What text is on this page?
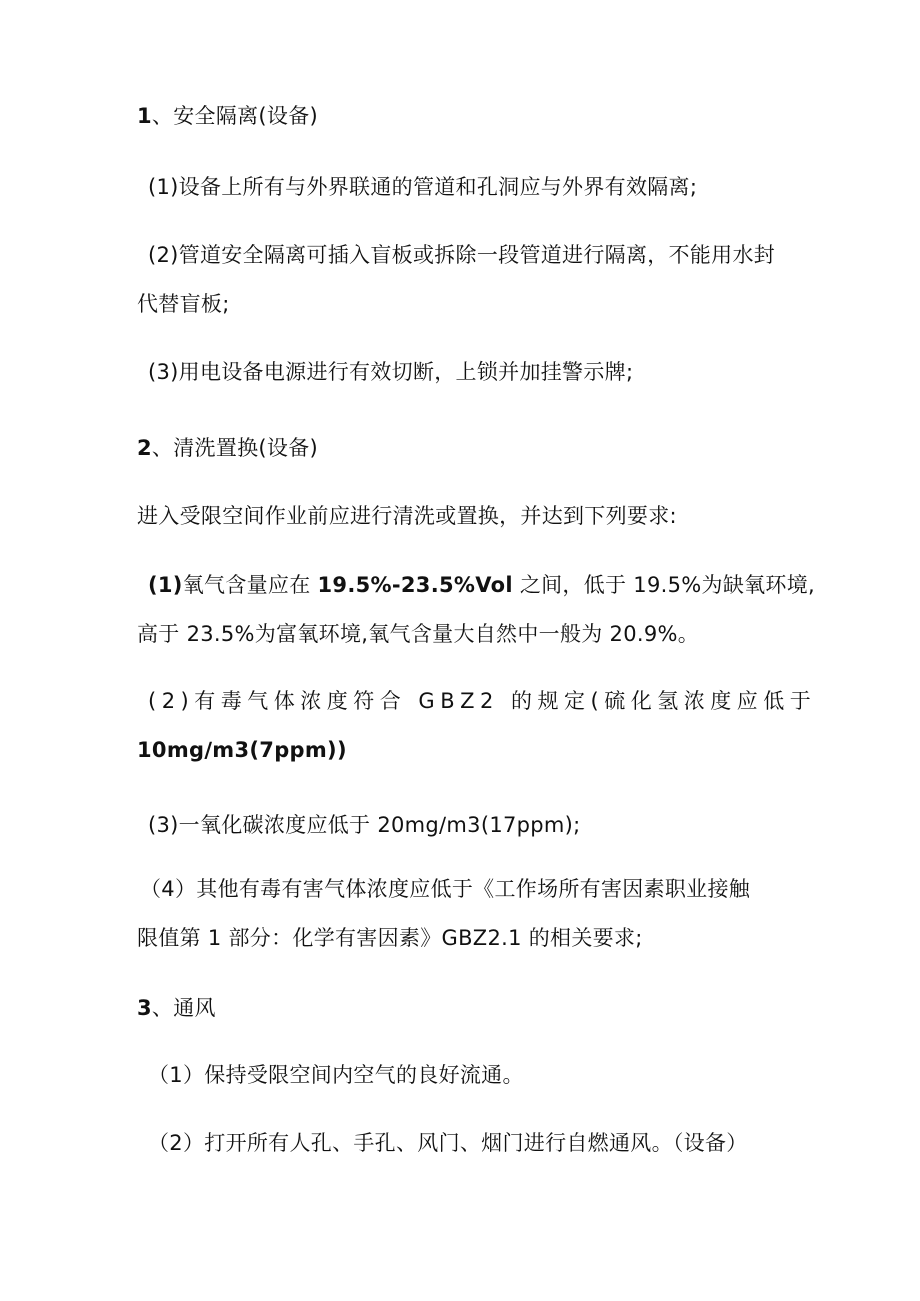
1、安全隔离(设备)
(1)设备上所有与外界联通的管道和孔洞应与外界有效隔离;
(2)管道安全隔离可插入盲板或拆除一段管道进行隔离，不能用水封
代替盲板;
(3)用电设备电源进行有效切断，上锁并加挂警示牌;
2、清洗置换(设备)
进入受限空间作业前应进行清洗或置换，并达到下列要求:
(1)氧气含量应在 19.5%-23.5%Vol 之间，低于 19.5%为缺氧环境,
高于 23.5%为富氧环境,氧气含量大自然中一般为 20.9%。
(2)有毒气体浓度符合 GBZ2 的规定(硫化氢浓度应低于
10mg∕m3(7ppm))
(3)一氧化碳浓度应低于 20mg∕m3(17ppm);
（4）其他有毒有害气体浓度应低于《工作场所有害因素职业接触
限值第 1 部分：化学有害因素》GBZ2.1 的相关要求;
3、通风
（1）保持受限空间内空气的良好流通。
（2）打开所有人孔、手孔、风门、烟门进行自燃通风。（设备）
